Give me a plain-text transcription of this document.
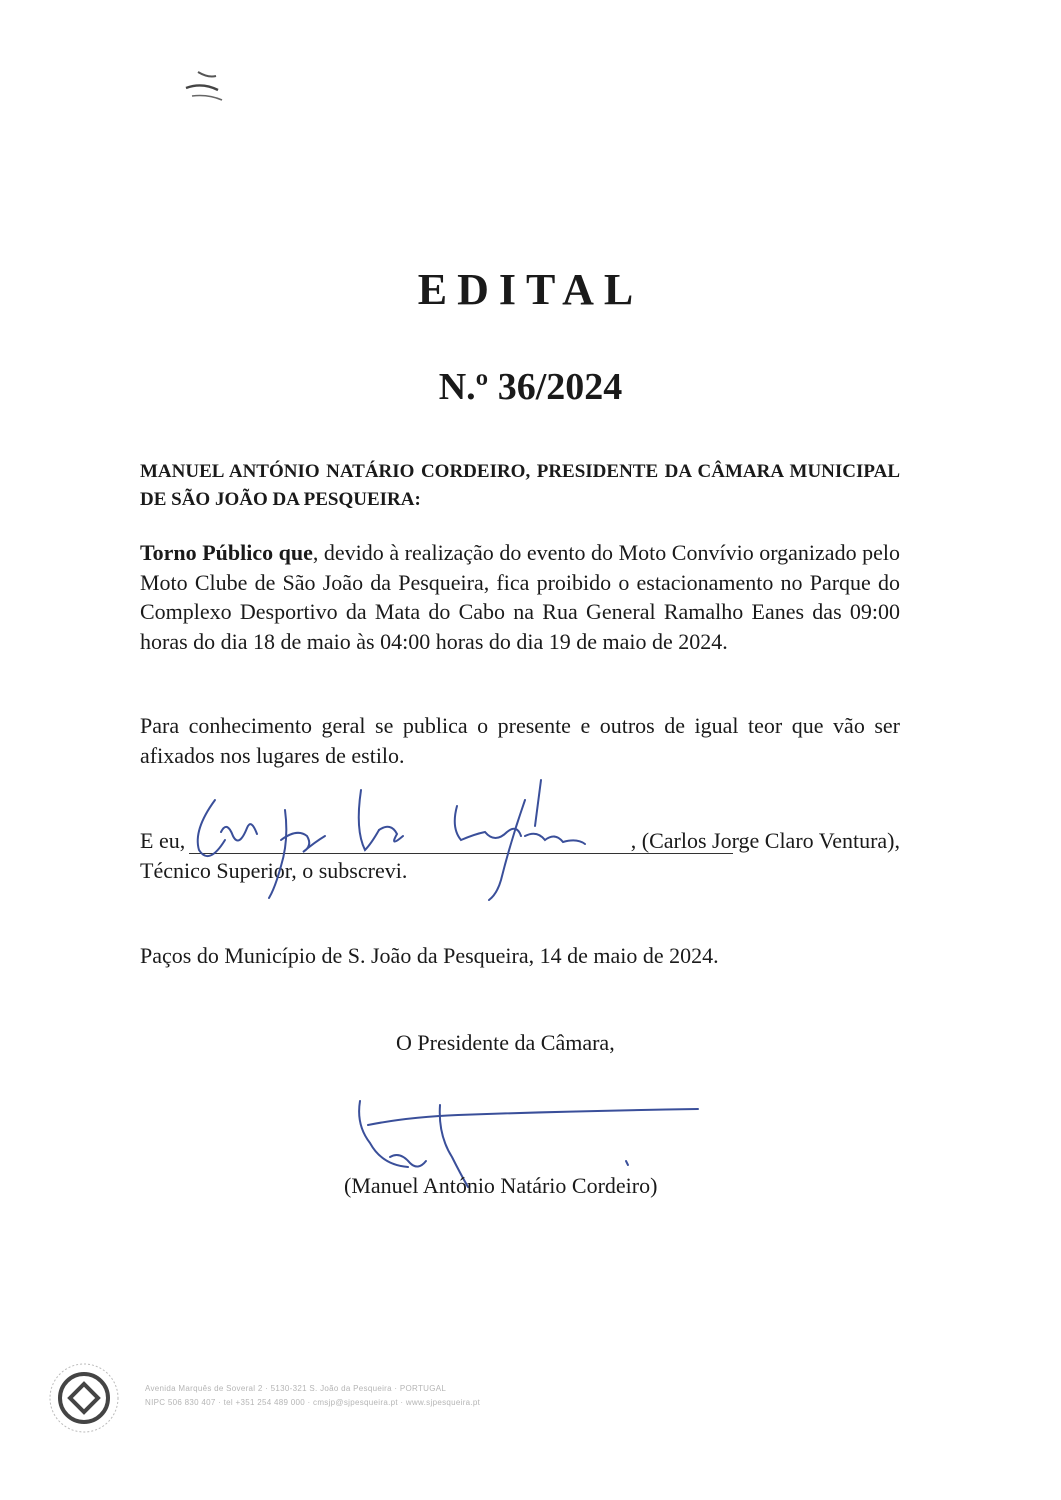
EDITAL
N.º 36/2024
MANUEL ANTÓNIO NATÁRIO CORDEIRO, PRESIDENTE DA CÂMARA MUNICIPAL DE SÃO JOÃO DA PESQUEIRA:

Torno Público que, devido à realização do evento do Moto Convívio organizado pelo Moto Clube de São João da Pesqueira, fica proibido o estacionamento no Parque do Complexo Desportivo da Mata do Cabo na Rua General Ramalho Eanes das 09:00 horas do dia 18 de maio às 04:00 horas do dia 19 de maio de 2024.

Para conhecimento geral se publica o presente e outros de igual teor que vão ser afixados nos lugares de estilo.

E eu,	, (Carlos Jorge Claro Ventura),
Técnico Superior, o subscrevi.
Paços do Município de S. João da Pesqueira, 14 de maio de 2024.
O Presidente da Câmara,
(Manuel António Natário Cordeiro)
Avenida Marquês de Soveral 2 · 5130-321 S. João da Pesqueira · PORTUGAL
NIPC 506 830 407 · tel +351 254 489 000 · cmsjp@sjpesqueira.pt · www.sjpesqueira.pt
